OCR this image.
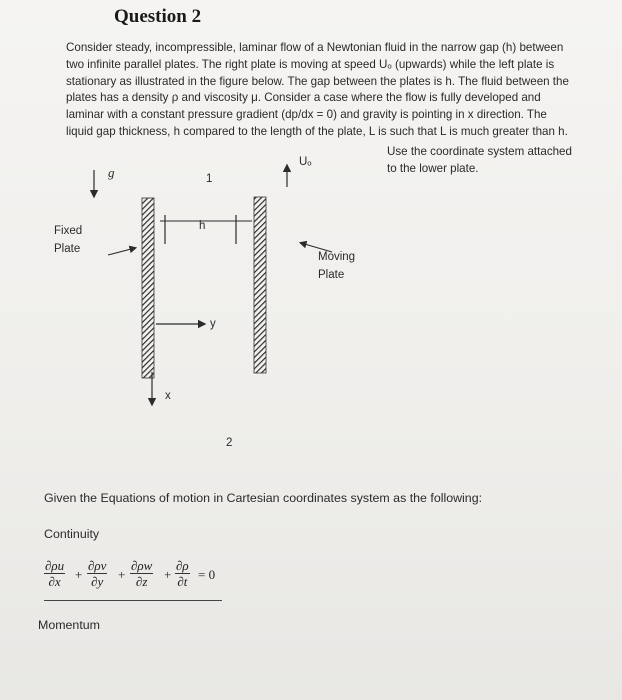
Question 2
Consider steady, incompressible, laminar flow of a Newtonian fluid in the narrow gap (h) between
two infinite parallel plates. The right plate is moving at speed Uₒ (upwards) while the left plate is
stationary as illustrated in the figure below. The gap between the plates is h. The fluid between the
plates has a density ρ and viscosity μ. Consider a case where the flow is fully developed and
laminar with a constant pressure gradient (dp/dx = 0) and gravity is pointing in x direction. The
liquid gap thickness, h compared to the length of the plate, L is such that L is much greater than h.
Use the coordinate system attached
to the lower plate.
g	1
h
y
x
2
Uₒ
Fixed
Plate
Moving
Plate
Given the Equations of motion in Cartesian coordinates system as the following:
Continuity
$\frac{\partial\rho u}{\partial x} + \frac{\partial\rho v}{\partial y} + \frac{\partial\rho w}{\partial z} + \frac{\partial\rho}{\partial t} = 0$
Momentum
